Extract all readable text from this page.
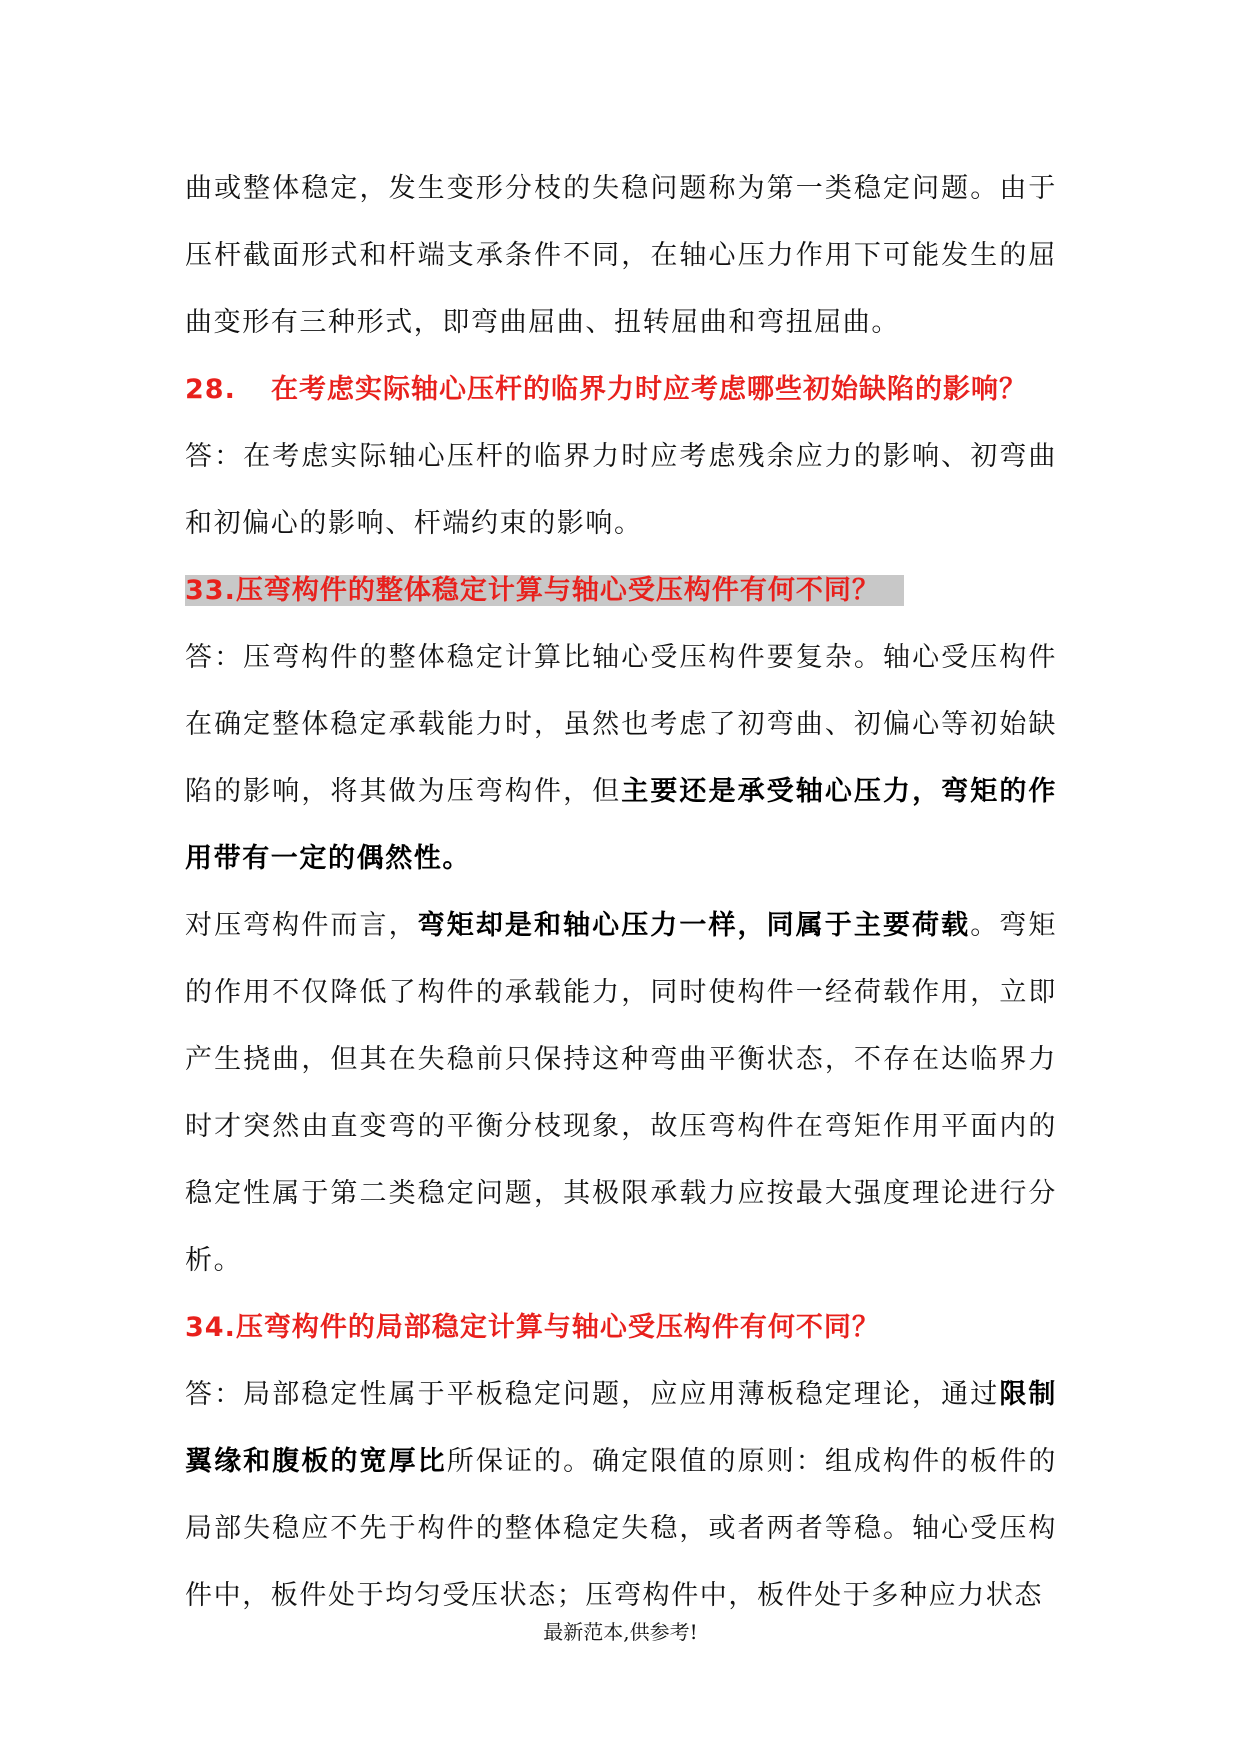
曲或整体稳定，发生变形分枝的失稳问题称为第一类稳定问题。由于压杆截面形式和杆端支承条件不同，在轴心压力作用下可能发生的屈曲变形有三种形式，即弯曲屈曲、扭转屈曲和弯扭屈曲。

28. 在考虑实际轴心压杆的临界力时应考虑哪些初始缺陷的影响？

答：在考虑实际轴心压杆的临界力时应考虑残余应力的影响、初弯曲和初偏心的影响、杆端约束的影响。

33.压弯构件的整体稳定计算与轴心受压构件有何不同？

答：压弯构件的整体稳定计算比轴心受压构件要复杂。轴心受压构件在确定整体稳定承载能力时，虽然也考虑了初弯曲、初偏心等初始缺陷的影响，将其做为压弯构件，但主要还是承受轴心压力，弯矩的作用带有一定的偶然性。

对压弯构件而言，弯矩却是和轴心压力一样，同属于主要荷载。弯矩的作用不仅降低了构件的承载能力，同时使构件一经荷载作用，立即产生挠曲，但其在失稳前只保持这种弯曲平衡状态，不存在达临界力时才突然由直变弯的平衡分枝现象，故压弯构件在弯矩作用平面内的稳定性属于第二类稳定问题，其极限承载力应按最大强度理论进行分析。

34.压弯构件的局部稳定计算与轴心受压构件有何不同？

答：局部稳定性属于平板稳定问题，应应用薄板稳定理论，通过限制翼缘和腹板的宽厚比所保证的。确定限值的原则：组成构件的板件的局部失稳应不先于构件的整体稳定失稳，或者两者等稳。轴心受压构件中，板件处于均匀受压状态；压弯构件中，板件处于多种应力状态

最新范本,供参考!
